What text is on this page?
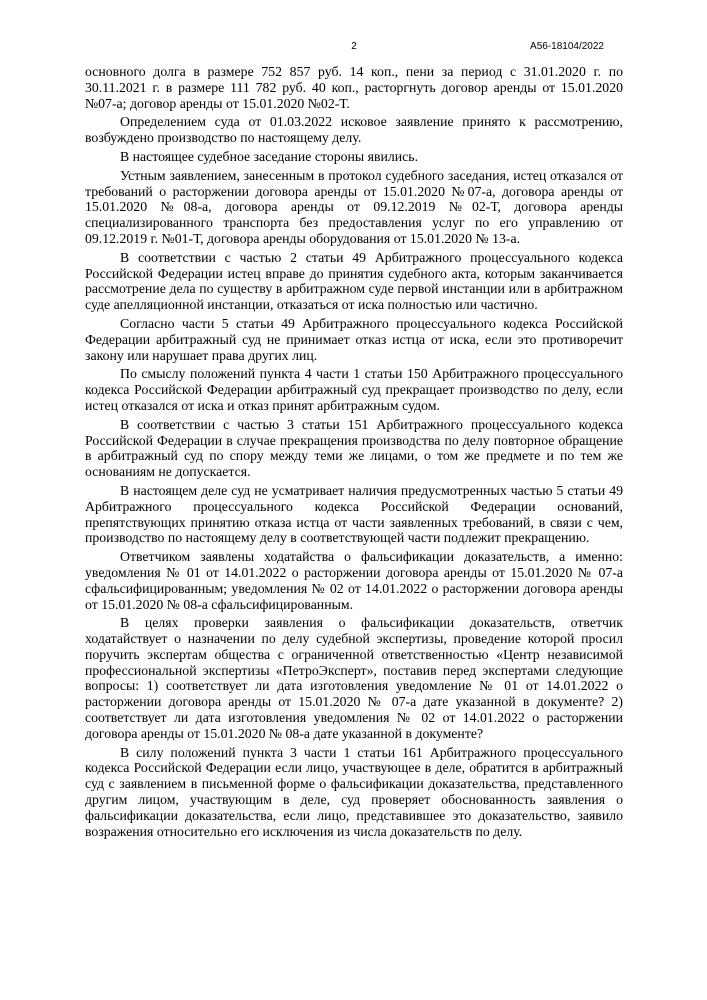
2	А56-18104/2022

основного долга в размере 752 857 руб. 14 коп., пени за период с 31.01.2020 г. по 30.11.2021 г. в размере 111 782 руб. 40 коп., расторгнуть договор аренды от 15.01.2020 №07-а; договор аренды от 15.01.2020 №02-Т.

Определением суда от 01.03.2022 исковое заявление принято к рассмотрению, возбуждено производство по настоящему делу.

В настоящее судебное заседание стороны явились.

Устным заявлением, занесенным в протокол судебного заседания, истец отказался от требований о расторжении договора аренды от 15.01.2020 №07-а, договора аренды от 15.01.2020 №08-а, договора аренды от 09.12.2019 №02-Т, договора аренды специализированного транспорта без предоставления услуг по его управлению от 09.12.2019 г. №01-Т, договора аренды оборудования от 15.01.2020 № 13-а.

В соответствии с частью 2 статьи 49 Арбитражного процессуального кодекса Российской Федерации истец вправе до принятия судебного акта, которым заканчивается рассмотрение дела по существу в арбитражном суде первой инстанции или в арбитражном суде апелляционной инстанции, отказаться от иска полностью или частично.

Согласно части 5 статьи 49 Арбитражного процессуального кодекса Российской Федерации арбитражный суд не принимает отказ истца от иска, если это противоречит закону или нарушает права других лиц.

По смыслу положений пункта 4 части 1 статьи 150 Арбитражного процессуального кодекса Российской Федерации арбитражный суд прекращает производство по делу, если истец отказался от иска и отказ принят арбитражным судом.

В соответствии с частью 3 статьи 151 Арбитражного процессуального кодекса Российской Федерации в случае прекращения производства по делу повторное обращение в арбитражный суд по спору между теми же лицами, о том же предмете и по тем же основаниям не допускается.

В настоящем деле суд не усматривает наличия предусмотренных частью 5 статьи 49 Арбитражного процессуального кодекса Российской Федерации оснований, препятствующих принятию отказа истца от части заявленных требований, в связи с чем, производство по настоящему делу в соответствующей части подлежит прекращению.

Ответчиком заявлены ходатайства о фальсификации доказательств, а именно: уведомления № 01 от 14.01.2022 о расторжении договора аренды от 15.01.2020 № 07-а сфальсифицированным; уведомления № 02 от 14.01.2022 о расторжении договора аренды от 15.01.2020 № 08-а сфальсифицированным.

В целях проверки заявления о фальсификации доказательств, ответчик ходатайствует о назначении по делу судебной экспертизы, проведение которой просил поручить экспертам общества с ограниченной ответственностью «Центр независимой профессиональной экспертизы «ПетроЭксперт», поставив перед экспертами следующие вопросы: 1) соответствует ли дата изготовления уведомление № 01 от 14.01.2022 о расторжении договора аренды от 15.01.2020 № 07-а дате указанной в документе? 2) соответствует ли дата изготовления уведомления № 02 от 14.01.2022 о расторжении договора аренды от 15.01.2020 № 08-а дате указанной в документе?

В силу положений пункта 3 части 1 статьи 161 Арбитражного процессуального кодекса Российской Федерации если лицо, участвующее в деле, обратится в арбитражный суд с заявлением в письменной форме о фальсификации доказательства, представленного другим лицом, участвующим в деле, суд проверяет обоснованность заявления о фальсификации доказательства, если лицо, представившее это доказательство, заявило возражения относительно его исключения из числа доказательств по делу.
